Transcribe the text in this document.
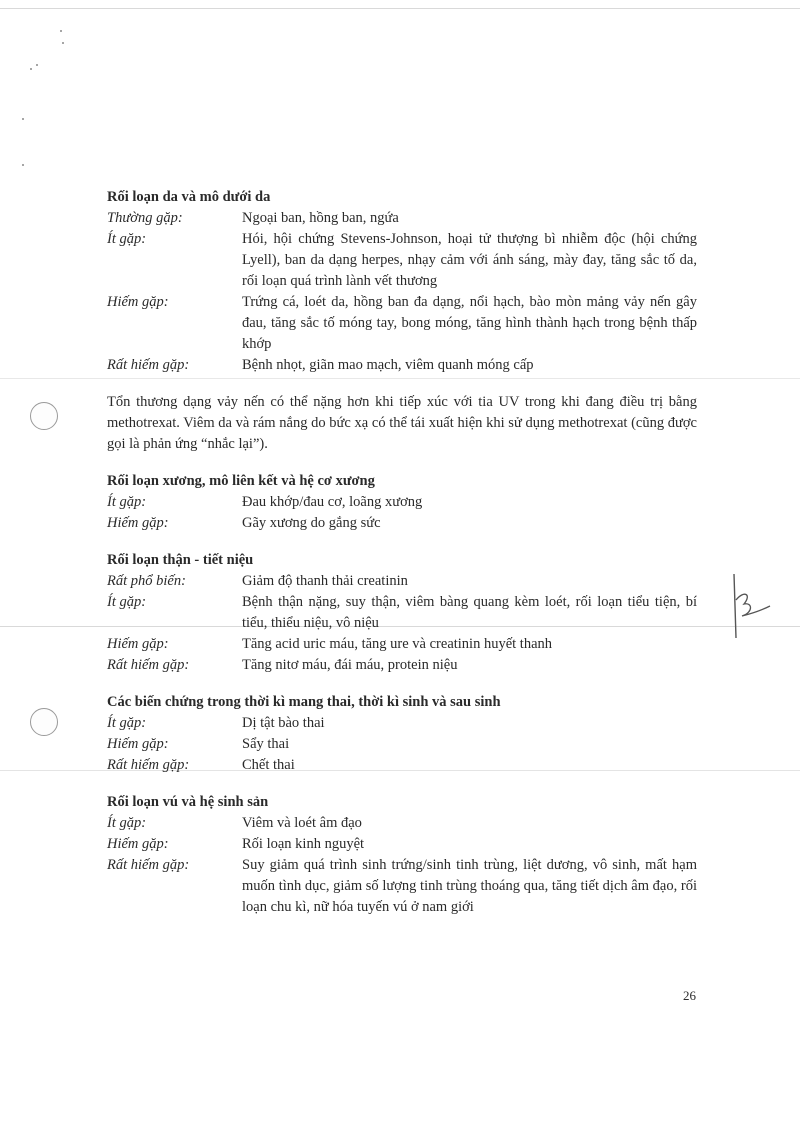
Rối loạn da và mô dưới da

Thường gặp:	Ngoại ban, hồng ban, ngứa
Ít gặp:	Hói, hội chứng Stevens-Johnson, hoại tử thượng bì nhiễm độc (hội chứng Lyell), ban da dạng herpes, nhạy cảm với ánh sáng, mày đay, tăng sắc tố da, rối loạn quá trình lành vết thương
Hiếm gặp:	Trứng cá, loét da, hồng ban đa dạng, nổi hạch, bào mòn mảng vảy nến gây đau, tăng sắc tố móng tay, bong móng, tăng hình thành hạch trong bệnh thấp khớp
Rất hiếm gặp:	Bệnh nhọt, giãn mao mạch, viêm quanh móng cấp

Tổn thương dạng vảy nến có thể nặng hơn khi tiếp xúc với tia UV trong khi đang điều trị bằng methotrexat. Viêm da và rám nắng do bức xạ có thể tái xuất hiện khi sử dụng methotrexat (cũng được gọi là phản ứng “nhắc lại”).

Rối loạn xương, mô liên kết và hệ cơ xương

Ít gặp:	Đau khớp/đau cơ, loãng xương
Hiếm gặp:	Gãy xương do gắng sức

Rối loạn thận - tiết niệu

Rất phổ biến:	Giảm độ thanh thải creatinin
Ít gặp:	Bệnh thận nặng, suy thận, viêm bàng quang kèm loét, rối loạn tiểu tiện, bí tiểu, thiểu niệu, vô niệu
Hiếm gặp:	Tăng acid uric máu, tăng ure và creatinin huyết thanh
Rất hiếm gặp:	Tăng nitơ máu, đái máu, protein niệu

Các biến chứng trong thời kì mang thai, thời kì sinh và sau sinh

Ít gặp:	Dị tật bào thai
Hiếm gặp:	Sẩy thai
Rất hiếm gặp:	Chết thai

Rối loạn vú và hệ sinh sản

Ít gặp:	Viêm và loét âm đạo
Hiếm gặp:	Rối loạn kinh nguyệt
Rất hiếm gặp:	Suy giảm quá trình sinh trứng/sinh tinh trùng, liệt dương, vô sinh, mất hạm muốn tình dục, giảm số lượng tinh trùng thoáng qua, tăng tiết dịch âm đạo, rối loạn chu kì, nữ hóa tuyến vú ở nam giới
26
